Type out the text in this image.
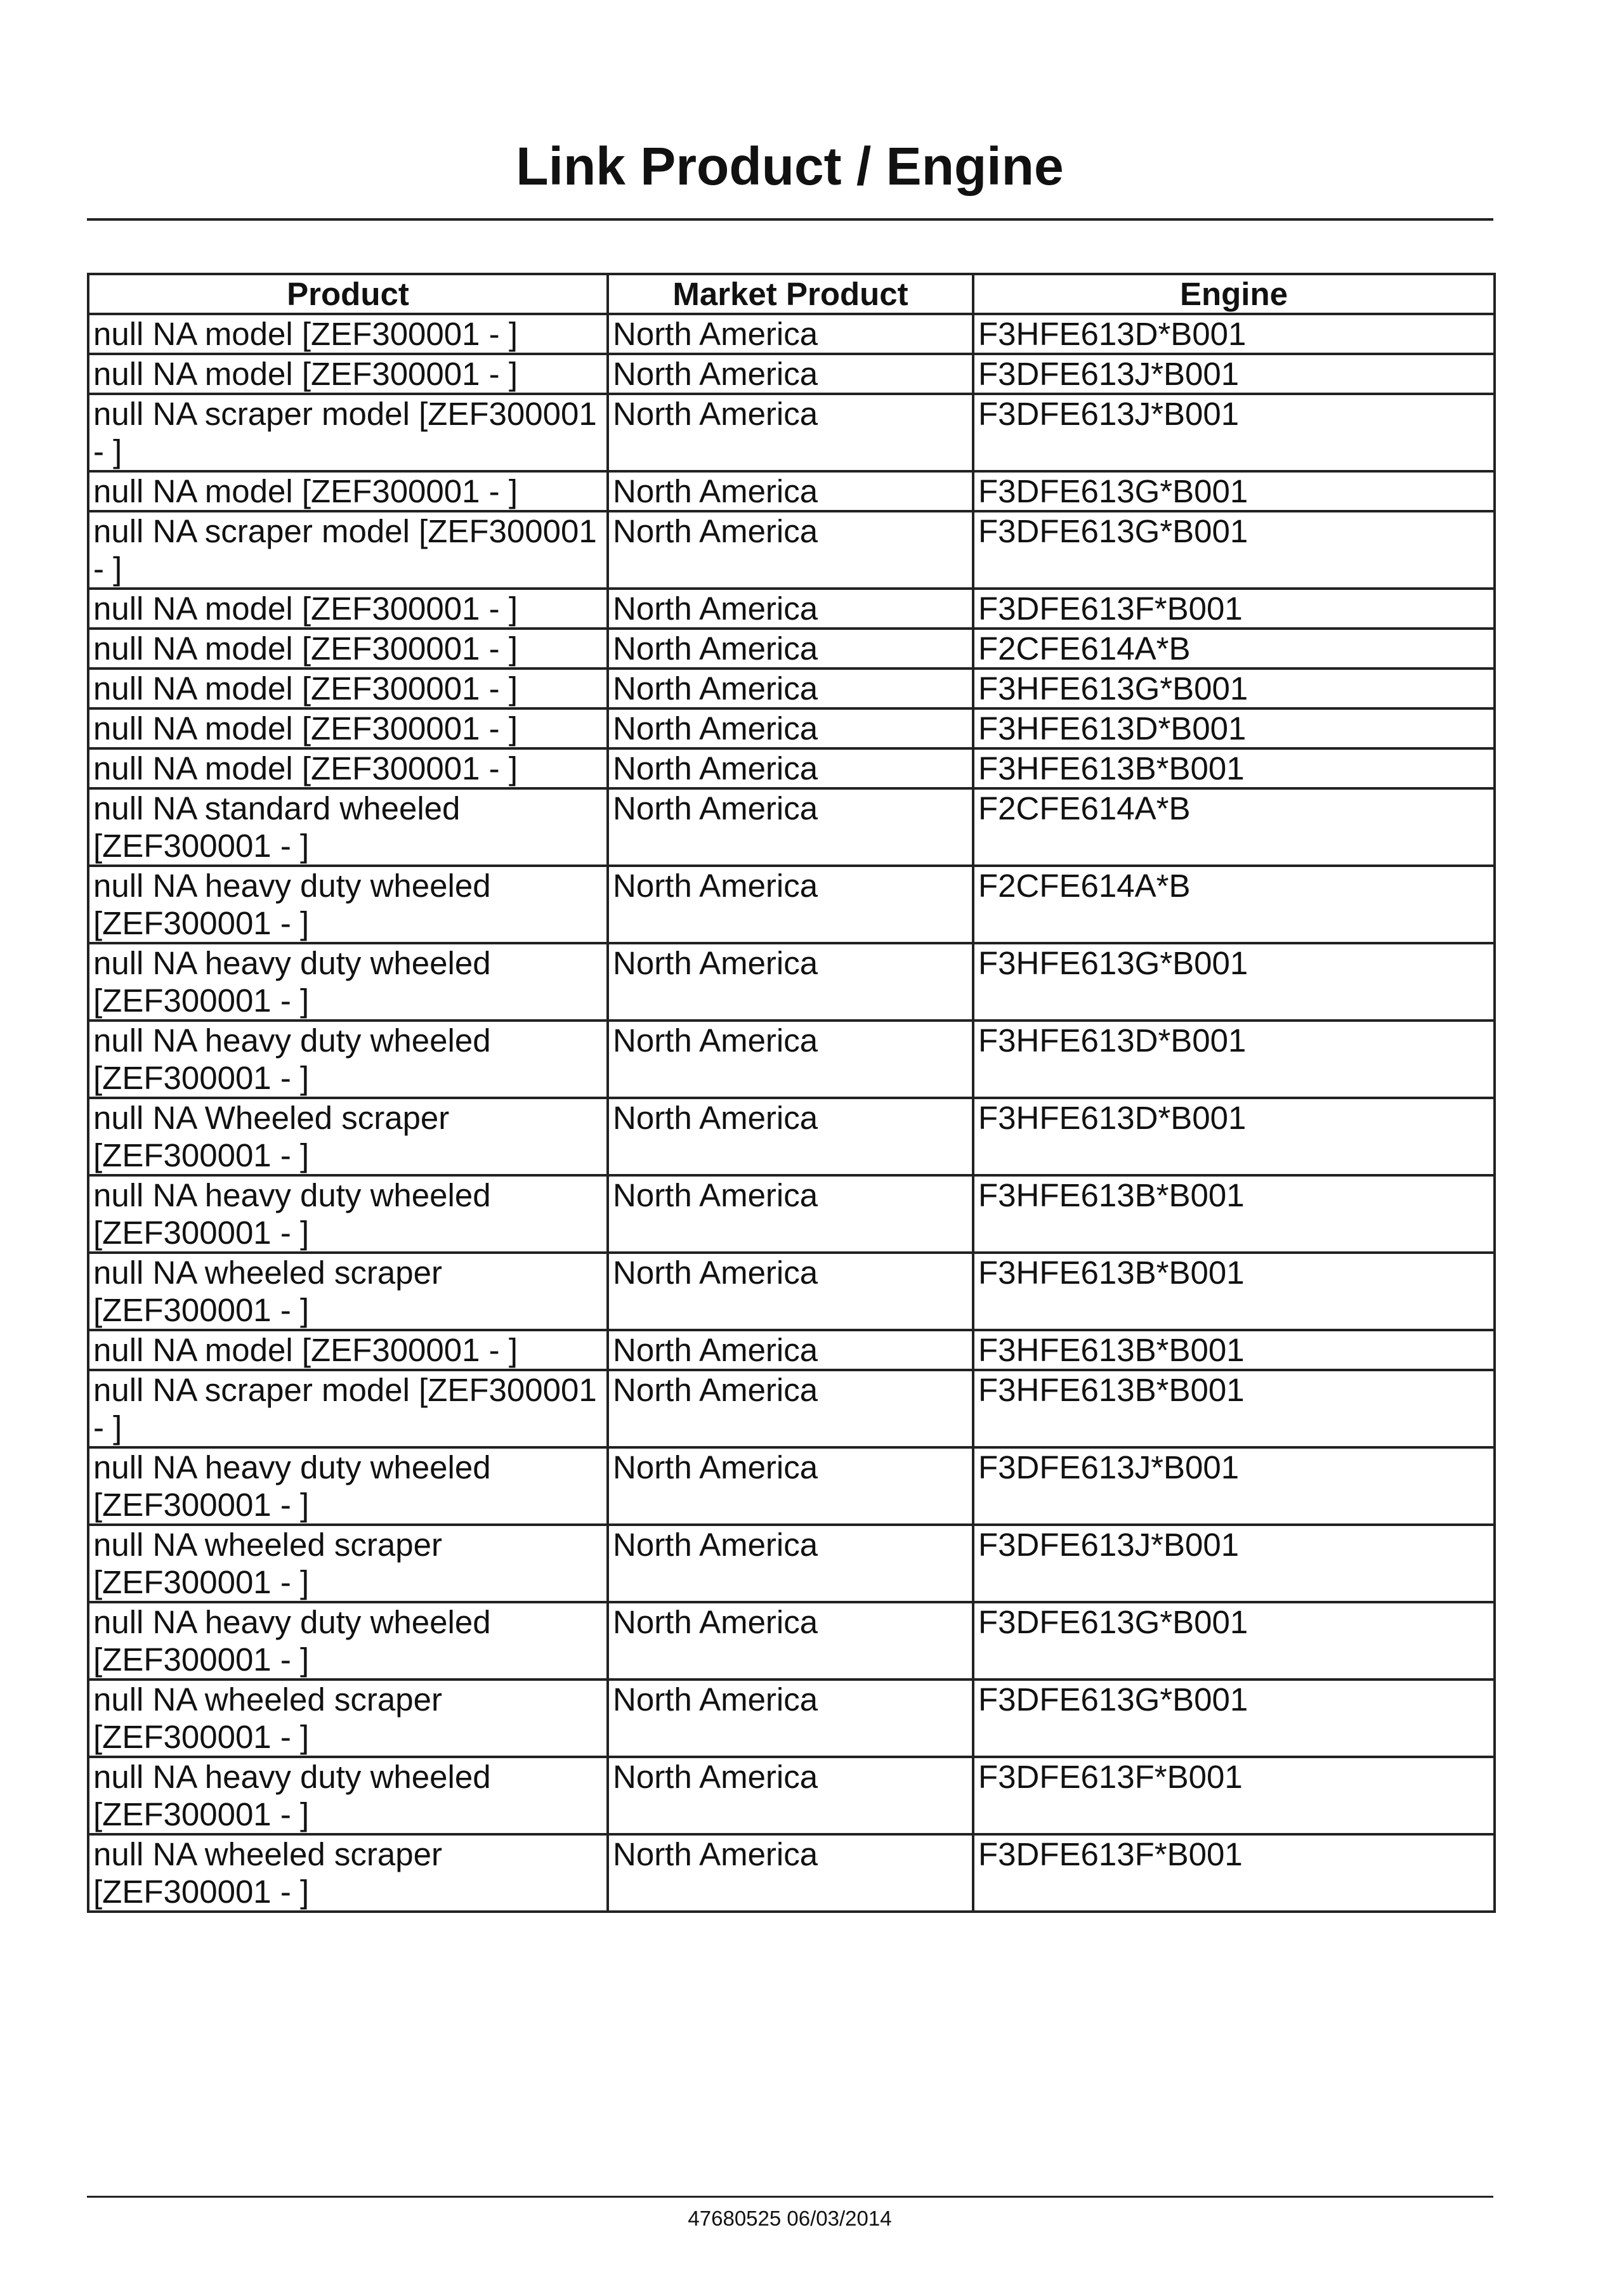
Link Product / Engine
Product	Market Product	Engine
null NA model [ZEF300001 - ]	North America	F3HFE613D*B001
null NA model [ZEF300001 - ]	North America	F3DFE613J*B001
null NA scraper model [ZEF300001 - ]	North America	F3DFE613J*B001
null NA model [ZEF300001 - ]	North America	F3DFE613G*B001
null NA scraper model [ZEF300001 - ]	North America	F3DFE613G*B001
null NA model [ZEF300001 - ]	North America	F3DFE613F*B001
null NA model [ZEF300001 - ]	North America	F2CFE614A*B
null NA model [ZEF300001 - ]	North America	F3HFE613G*B001
null NA model [ZEF300001 - ]	North America	F3HFE613D*B001
null NA model [ZEF300001 - ]	North America	F3HFE613B*B001
null NA standard wheeled [ZEF300001 - ]	North America	F2CFE614A*B
null NA heavy duty wheeled [ZEF300001 - ]	North America	F2CFE614A*B
null NA heavy duty wheeled [ZEF300001 - ]	North America	F3HFE613G*B001
null NA heavy duty wheeled [ZEF300001 - ]	North America	F3HFE613D*B001
null NA Wheeled scraper [ZEF300001 - ]	North America	F3HFE613D*B001
null NA heavy duty wheeled [ZEF300001 - ]	North America	F3HFE613B*B001
null NA wheeled scraper [ZEF300001 - ]	North America	F3HFE613B*B001
null NA model [ZEF300001 - ]	North America	F3HFE613B*B001
null NA scraper model [ZEF300001 - ]	North America	F3HFE613B*B001
null NA heavy duty wheeled [ZEF300001 - ]	North America	F3DFE613J*B001
null NA wheeled scraper [ZEF300001 - ]	North America	F3DFE613J*B001
null NA heavy duty wheeled [ZEF300001 - ]	North America	F3DFE613G*B001
null NA wheeled scraper [ZEF300001 - ]	North America	F3DFE613G*B001
null NA heavy duty wheeled [ZEF300001 - ]	North America	F3DFE613F*B001
null NA wheeled scraper [ZEF300001 - ]	North America	F3DFE613F*B001
47680525 06/03/2014
